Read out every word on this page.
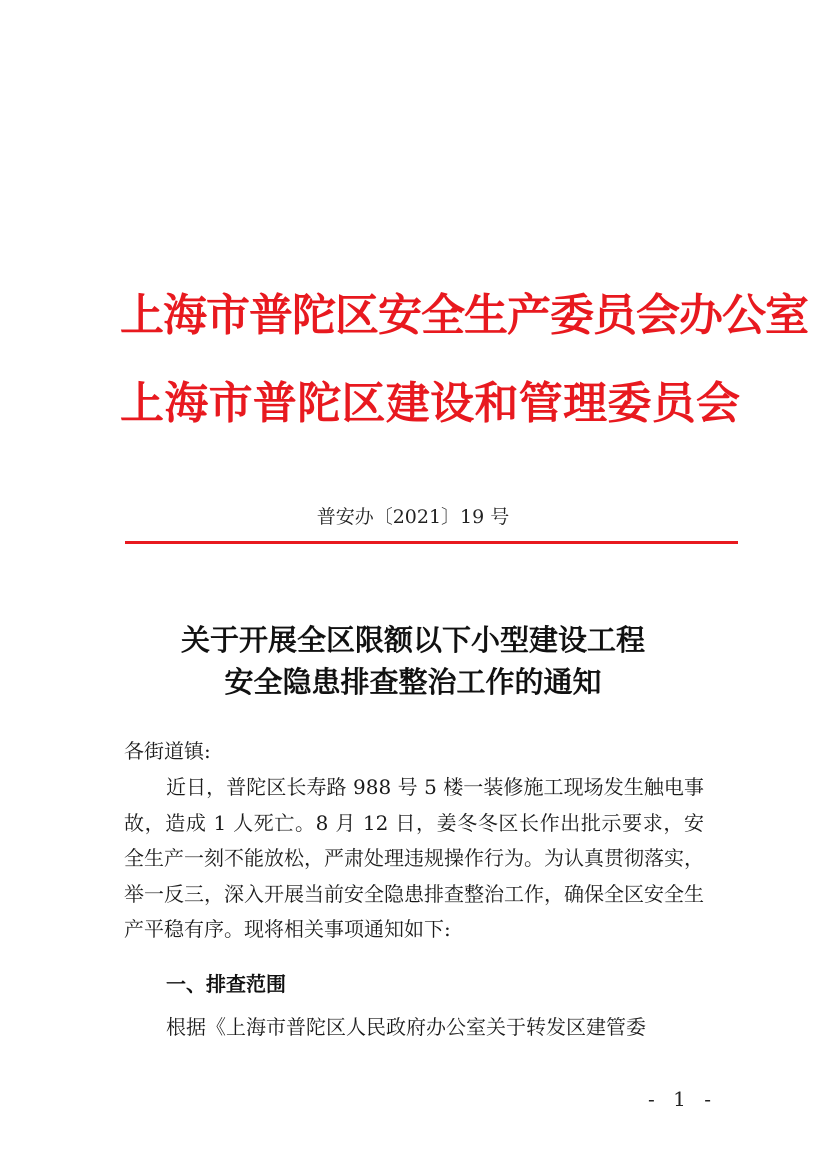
上海市普陀区安全生产委员会办公室
上海市普陀区建设和管理委员会
普安办〔2021〕19 号
关于开展全区限额以下小型建设工程
安全隐患排查整治工作的通知
各街道镇:
近日，普陀区长寿路 988 号 5 楼一装修施工现场发生触电事故，造成 1 人死亡。8 月 12 日，姜冬冬区长作出批示要求，安全生产一刻不能放松，严肃处理违规操作行为。为认真贯彻落实，举一反三，深入开展当前安全隐患排查整治工作，确保全区安全生产平稳有序。现将相关事项通知如下:
一、排查范围
根据《上海市普陀区人民政府办公室关于转发区建管委
- 1 -
